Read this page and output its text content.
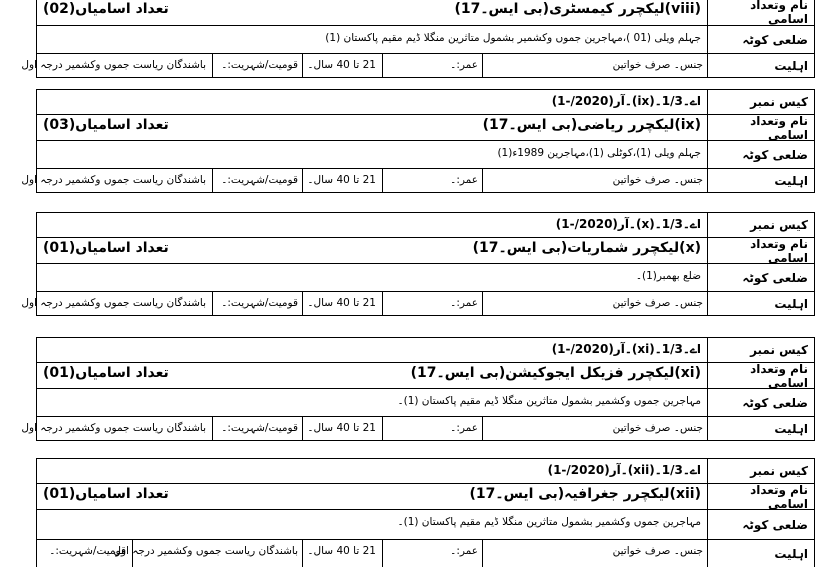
نام وتعداد اسامی
(viii)لیکچرر کیمسٹری(بی ایس۔17)
تعداد اسامیاں(02)
ضلعی کوٹہ
جہلم ویلی (01 )،مہاجرین جموں وکشمیر بشمول متاثرین منگلا ڈیم مقیم پاکستان (1)
اہلیت
جنس۔ صرف خواتین
عمر:۔
21 تا 40 سال۔
قومیت/شہریت:۔
باشندگان ریاست جموں وکشمیر درجہ اول
کیس نمبر
اے۔1/3۔(ix)۔آر(2020/-1)
نام وتعداد اسامی
(ix)لیکچرر ریاضی(بی ایس۔17)
تعداد اسامیاں(03)
ضلعی کوٹہ
جہلم ویلی (1)،کوٹلی (1)،مہاجرین 1989ء(1)
اہلیت
جنس۔ صرف خواتین
عمر:۔
21 تا 40 سال۔
قومیت/شہریت:۔
باشندگان ریاست جموں وکشمیر درجہ اول
کیس نمبر
اے۔1/3۔(x)۔آر(2020/-1)
نام وتعداد اسامی
(x)لیکچرر شماریات(بی ایس۔17)
تعداد اسامیاں(01)
ضلعی کوٹہ
ضلع بھمبر(1)۔
اہلیت
جنس۔ صرف خواتین
عمر:۔
21 تا 40 سال۔
قومیت/شہریت:۔
باشندگان ریاست جموں وکشمیر درجہ اول
کیس نمبر
اے۔1/3۔(xi)۔آر(2020/-1)
نام وتعداد اسامی
(xi)لیکچرر فزیکل ایجوکیشن(بی ایس۔17)
تعداد اسامیاں(01)
ضلعی کوٹہ
مہاجرین جموں وکشمیر بشمول متاثرین منگلا ڈیم مقیم پاکستان (1)۔
اہلیت
جنس۔ صرف خواتین
عمر:۔
21 تا 40 سال۔
قومیت/شہریت:۔
باشندگان ریاست جموں وکشمیر درجہ اول
کیس نمبر
اے۔1/3۔(xii)۔آر(2020/-1)
نام وتعداد اسامی
(xii)لیکچرر جغرافیہ(بی ایس۔17)
تعداد اسامیاں(01)
ضلعی کوٹہ
مہاجرین جموں وکشمیر بشمول متاثرین منگلا ڈیم مقیم پاکستان (1)۔
اہلیت
جنس۔ صرف خواتین
عمر:۔
21 تا 40 سال۔
باشندگان ریاست جموں وکشمیر درجہ اول
قومیت/شہریت:۔
